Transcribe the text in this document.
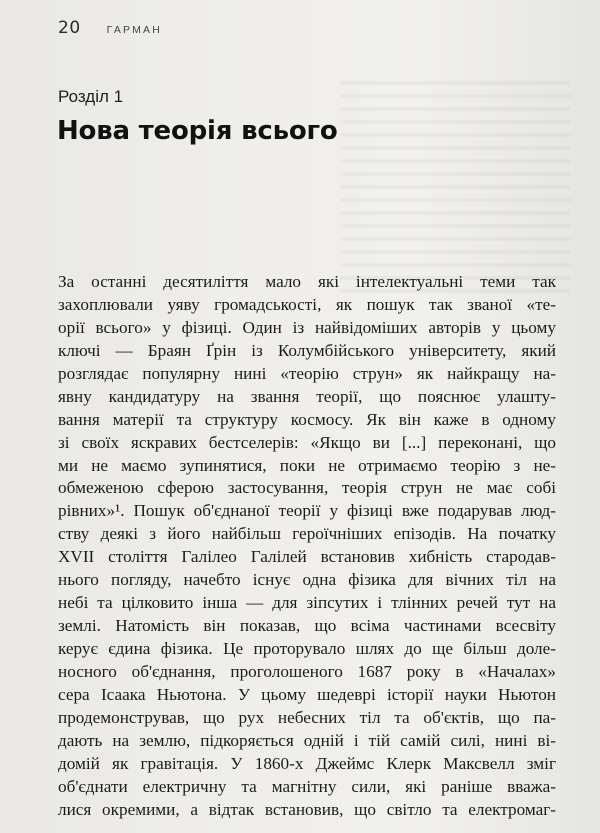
20 ГАРМАН
Розділ 1
Нова теорія всього
За останні десятиліття мало які інтелектуальні теми так
захоплювали уяву громадськості, як пошук так званої «те-
орії всього» у фізиці. Один із найвідоміших авторів у цьому
ключі — Браян Ґрін із Колумбійського університету, який
розглядає популярну нині «теорію струн» як найкращу на-
явну кандидатуру на звання теорії, що пояснює улашту-
вання матерії та структуру космосу. Як він каже в одному
зі своїх яскравих бестселерів: «Якщо ви [...] переконані, що
ми не маємо зупинятися, поки не отримаємо теорію з не-
обмеженою сферою застосування, теорія струн не має собі
рівних»¹. Пошук об'єднаної теорії у фізиці вже подарував люд-
ству деякі з його найбільш героїчніших епізодів. На початку
XVII століття Галілео Галілей встановив хибність стародав-
нього погляду, начебто існує одна фізика для вічних тіл на
небі та цілковито інша — для зіпсутих і тлінних речей тут на
землі. Натомість він показав, що всіма частинами всесвіту
керує єдина фізика. Це проторувало шлях до ще більш доле-
носного об'єднання, проголошеного 1687 року в «Началах»
сера Ісаака Ньютона. У цьому шедеврі історії науки Ньютон
продемонстрував, що рух небесних тіл та об'єктів, що па-
дають на землю, підкоряється одній і тій самій силі, нині ві-
домій як гравітація. У 1860-х Джеймс Клерк Максвелл зміг
об'єднати електричну та магнітну сили, які раніше вважа-
лися окремими, а відтак встановив, що світло та електромаг-
